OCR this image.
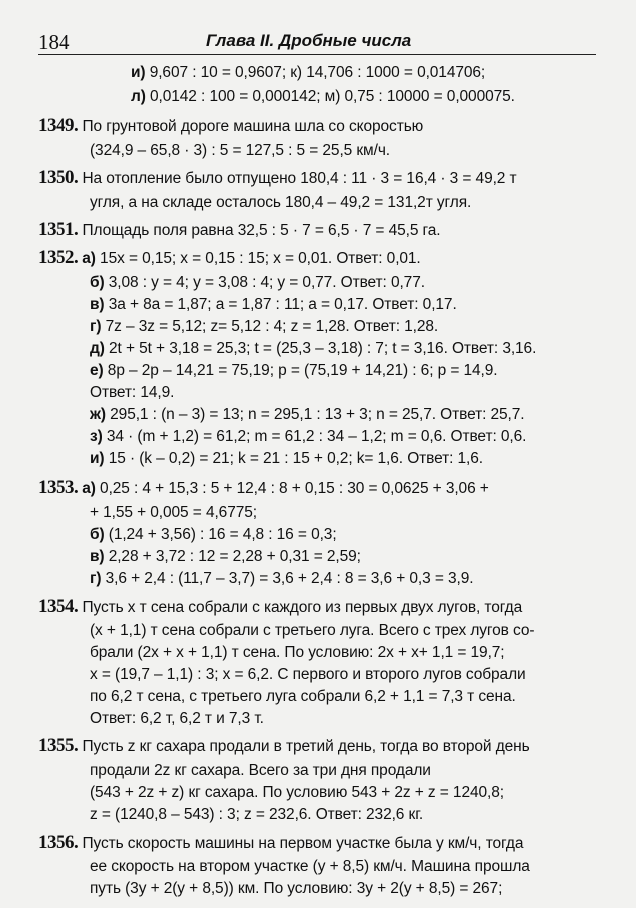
184	Глава II. Дробные числа
и) 9,607 : 10 = 0,9607; к) 14,706 : 1000 = 0,014706;
л) 0,0142 : 100 = 0,000142; м) 0,75 : 10000 = 0,000075.
1349. По грунтовой дороге машина шла со скоростью
(324,9 – 65,8 · 3) : 5 = 127,5 : 5 = 25,5 км/ч.
1350. На отопление было отпущено 180,4 : 11 · 3 = 16,4 · 3 = 49,2 т
угля, а на складе осталось 180,4 – 49,2 = 131,2т угля.
1351. Площадь поля равна 32,5 : 5 · 7 = 6,5 · 7 = 45,5 га.
1352. а) 15x = 0,15; x = 0,15 : 15; x = 0,01. Ответ: 0,01.
б) 3,08 : y = 4; y = 3,08 : 4; y = 0,77. Ответ: 0,77.
в) 3a + 8a = 1,87; a = 1,87 : 11; a = 0,17. Ответ: 0,17.
г) 7z – 3z = 5,12; z= 5,12 : 4; z = 1,28. Ответ: 1,28.
д) 2t + 5t + 3,18 = 25,3; t = (25,3 – 3,18) : 7; t = 3,16. Ответ: 3,16.
е) 8p – 2p – 14,21 = 75,19; p = (75,19 + 14,21) : 6; p = 14,9.
Ответ: 14,9.
ж) 295,1 : (n – 3) = 13; n = 295,1 : 13 + 3; n = 25,7. Ответ: 25,7.
з) 34 · (m + 1,2) = 61,2; m = 61,2 : 34 – 1,2; m = 0,6. Ответ: 0,6.
и) 15 · (k – 0,2) = 21; k = 21 : 15 + 0,2; k= 1,6. Ответ: 1,6.
1353. а) 0,25 : 4 + 15,3 : 5 + 12,4 : 8 + 0,15 : 30 = 0,0625 + 3,06 +
+ 1,55 + 0,005 = 4,6775;
б) (1,24 + 3,56) : 16 = 4,8 : 16 = 0,3;
в) 2,28 + 3,72 : 12 = 2,28 + 0,31 = 2,59;
г) 3,6 + 2,4 : (11,7 – 3,7) = 3,6 + 2,4 : 8 = 3,6 + 0,3 = 3,9.
1354. Пусть x т сена собрали с каждого из первых двух лугов, тогда
(x + 1,1) т сена собрали с третьего луга. Всего с трех лугов со-
брали (2x + x + 1,1) т сена. По условию: 2x + x+ 1,1 = 19,7;
x = (19,7 – 1,1) : 3; x = 6,2. С первого и второго лугов собрали
по 6,2 т сена, с третьего луга собрали 6,2 + 1,1 = 7,3 т сена.
Ответ: 6,2 т, 6,2 т и 7,3 т.
1355. Пусть z кг сахара продали в третий день, тогда во второй день
продали 2z кг сахара. Всего за три дня продали
(543 + 2z + z) кг сахара. По условию 543 + 2z + z = 1240,8;
z = (1240,8 – 543) : 3; z = 232,6. Ответ: 232,6 кг.
1356. Пусть скорость машины на первом участке была y км/ч, тогда
ее скорость на втором участке (y + 8,5) км/ч. Машина прошла
путь (3y + 2(y + 8,5)) км. По условию: 3y + 2(y + 8,5) = 267;
